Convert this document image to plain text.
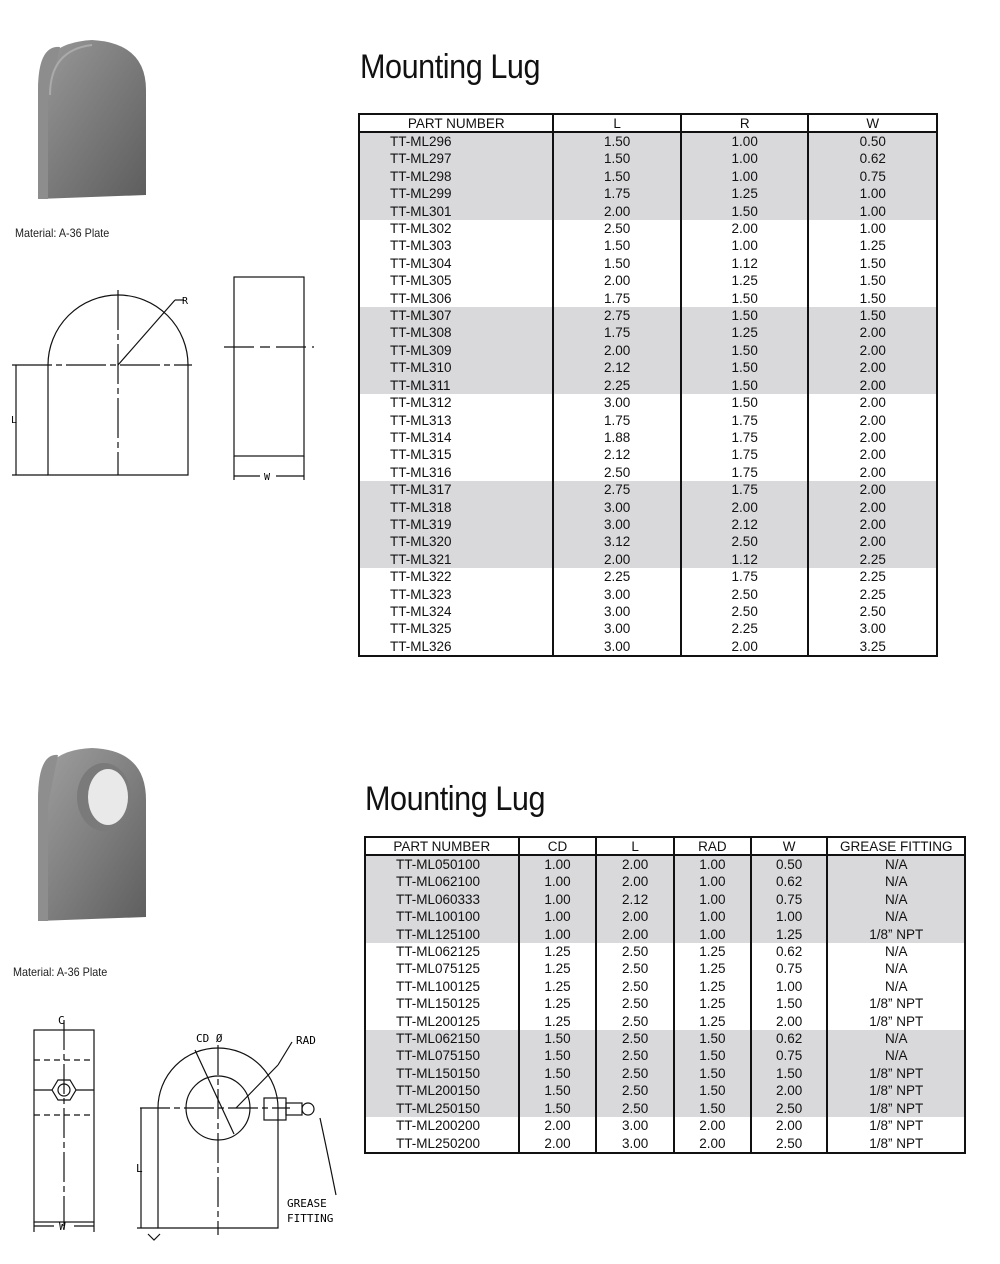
Material: A-36 Plate
R
L
W
Mounting Lug
PART NUMBER	L	R	W
TT-ML296	1.50	1.00	0.50
TT-ML297	1.50	1.00	0.62
TT-ML298	1.50	1.00	0.75
TT-ML299	1.75	1.25	1.00
TT-ML301	2.00	1.50	1.00
TT-ML302	2.50	2.00	1.00
TT-ML303	1.50	1.00	1.25
TT-ML304	1.50	1.12	1.50
TT-ML305	2.00	1.25	1.50
TT-ML306	1.75	1.50	1.50
TT-ML307	2.75	1.50	1.50
TT-ML308	1.75	1.25	2.00
TT-ML309	2.00	1.50	2.00
TT-ML310	2.12	1.50	2.00
TT-ML311	2.25	1.50	2.00
TT-ML312	3.00	1.50	2.00
TT-ML313	1.75	1.75	2.00
TT-ML314	1.88	1.75	2.00
TT-ML315	2.12	1.75	2.00
TT-ML316	2.50	1.75	2.00
TT-ML317	2.75	1.75	2.00
TT-ML318	3.00	2.00	2.00
TT-ML319	3.00	2.12	2.00
TT-ML320	3.12	2.50	2.00
TT-ML321	2.00	1.12	2.25
TT-ML322	2.25	1.75	2.25
TT-ML323	3.00	2.50	2.25
TT-ML324	3.00	2.50	2.50
TT-ML325	3.00	2.25	3.00
TT-ML326	3.00	2.00	3.25
Material: A-36 Plate
C
CD Ø	RAD
L
W
GREASE
FITTING
Mounting Lug
PART NUMBER	CD	L	RAD	W	GREASE FITTING
TT-ML050100	1.00	2.00	1.00	0.50	N/A
TT-ML062100	1.00	2.00	1.00	0.62	N/A
TT-ML060333	1.00	2.12	1.00	0.75	N/A
TT-ML100100	1.00	2.00	1.00	1.00	N/A
TT-ML125100	1.00	2.00	1.00	1.25	1/8” NPT
TT-ML062125	1.25	2.50	1.25	0.62	N/A
TT-ML075125	1.25	2.50	1.25	0.75	N/A
TT-ML100125	1.25	2.50	1.25	1.00	N/A
TT-ML150125	1.25	2.50	1.25	1.50	1/8” NPT
TT-ML200125	1.25	2.50	1.25	2.00	1/8” NPT
TT-ML062150	1.50	2.50	1.50	0.62	N/A
TT-ML075150	1.50	2.50	1.50	0.75	N/A
TT-ML150150	1.50	2.50	1.50	1.50	1/8” NPT
TT-ML200150	1.50	2.50	1.50	2.00	1/8” NPT
TT-ML250150	1.50	2.50	1.50	2.50	1/8” NPT
TT-ML200200	2.00	3.00	2.00	2.00	1/8” NPT
TT-ML250200	2.00	3.00	2.00	2.50	1/8” NPT
